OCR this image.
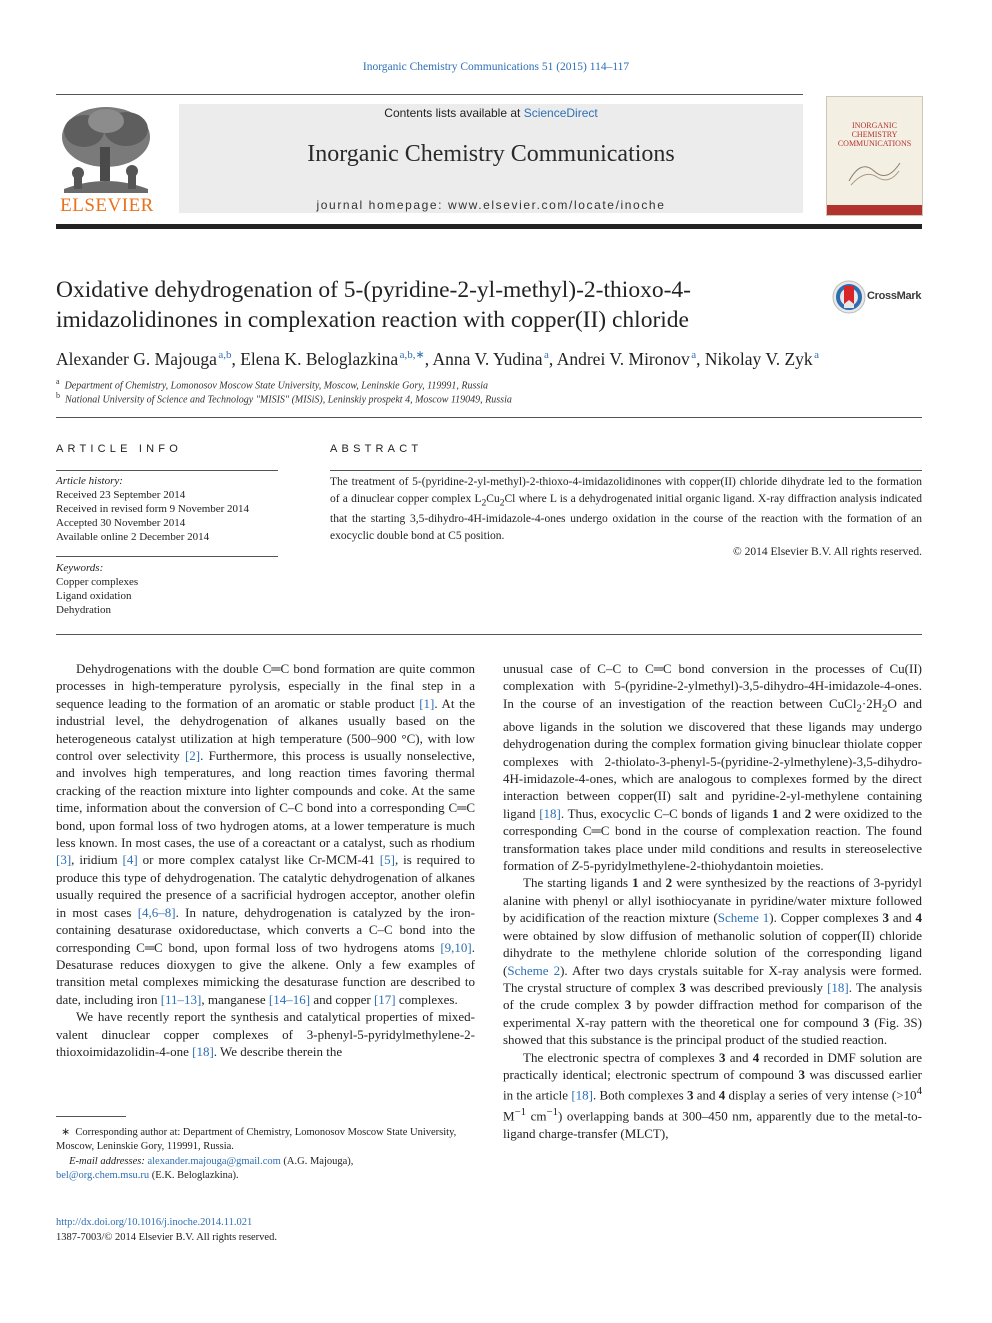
Inorganic Chemistry Communications 51 (2015) 114–117
ELSEVIER
Contents lists available at ScienceDirect
Inorganic Chemistry Communications
journal homepage: www.elsevier.com/locate/inoche
INORGANIC CHEMISTRY COMMUNICATIONS
Oxidative dehydrogenation of 5-(pyridine-2-yl-methyl)-2-thioxo-4-imidazolidinones in complexation reaction with copper(II) chloride
CrossMark
Alexander G. Majouga $^{a,b}$, Elena K. Beloglazkina $^{a,b,∗}$, Anna V. Yudina $^a$, Andrei V. Mironov $^a$, Nikolay V. Zyk $^a$
$^a$ Department of Chemistry, Lomonosov Moscow State University, Moscow, Leninskie Gory, 119991, Russia
$^b$ National University of Science and Technology "MISIS" (MISiS), Leninskiy prospekt 4, Moscow 119049, Russia
ARTICLE INFO
Article history:
Received 23 September 2014
Received in revised form 9 November 2014
Accepted 30 November 2014
Available online 2 December 2014
Keywords:
Copper complexes
Ligand oxidation
Dehydration
ABSTRACT
The treatment of 5-(pyridine-2-yl-methyl)-2-thioxo-4-imidazolidinones with copper(II) chloride dihydrate led to the formation of a dinuclear copper complex $L_2Cu_2Cl$ where L is a dehydrogenated initial organic ligand. X-ray diffraction analysis indicated that the starting 3,5-dihydro-4H-imidazole-4-ones undergo oxidation in the course of the reaction with the formation of an exocyclic double bond at C5 position.
© 2014 Elsevier B.V. All rights reserved.

Dehydrogenations with the double C═C bond formation are quite common processes in high-temperature pyrolysis, especially in the final step in a sequence leading to the formation of an aromatic or stable product [1]. At the industrial level, the dehydrogenation of alkanes usually based on the heterogeneous catalyst utilization at high temperature (500–900 °C), with low control over selectivity [2]. Furthermore, this process is usually nonselective, and involves high temperatures, and long reaction times favoring thermal cracking of the reaction mixture into lighter compounds and coke. At the same time, information about the conversion of C–C bond into a corresponding C═C bond, upon formal loss of two hydrogen atoms, at a lower temperature is much less known. In most cases, the use of a coreactant or a catalyst, such as rhodium [3], iridium [4] or more complex catalyst like Cr-MCM-41 [5], is required to produce this type of dehydrogenation. The catalytic dehydrogenation of alkanes usually required the presence of a sacrificial hydrogen acceptor, another olefin in most cases [4,6–8]. In nature, dehydrogenation is catalyzed by the iron-containing desaturase oxidoreductase, which converts a C–C bond into the corresponding C═C bond, upon formal loss of two hydrogens atoms [9,10]. Desaturase reduces dioxygen to give the alkene. Only a few examples of transition metal complexes mimicking the desaturase function are described to date, including iron [11–13], manganese [14–16] and copper [17] complexes.

We have recently report the synthesis and catalytical properties of mixed-valent dinuclear copper complexes of 3-phenyl-5-pyridylmethylene-2-thioxoimidazolidin-4-one [18]. We describe therein the

∗  Corresponding author at: Department of Chemistry, Lomonosov Moscow State University, Moscow, Leninskie Gory, 119991, Russia.
E-mail addresses: alexander.majouga@gmail.com (A.G. Majouga),
bel@org.chem.msu.ru (E.K. Beloglazkina).
http://dx.doi.org/10.1016/j.inoche.2014.11.021
1387-7003/© 2014 Elsevier B.V. All rights reserved.

unusual case of C–C to C═C bond conversion in the processes of Cu(II) complexation with 5-(pyridine-2-ylmethyl)-3,5-dihydro-4H-imidazole-4-ones. In the course of an investigation of the reaction between $CuCl_2\cdot 2H_2O$ and above ligands in the solution we discovered that these ligands may undergo dehydrogenation during the complex formation giving binuclear thiolate copper complexes with 2-thiolato-3-phenyl-5-(pyridine-2-ylmethylene)-3,5-dihydro-4H-imidazole-4-ones, which are analogous to complexes formed by the direct interaction between copper(II) salt and pyridine-2-yl-methylene containing ligand [18]. Thus, exocyclic C–C bonds of ligands 1 and 2 were oxidized to the corresponding C═C bond in the course of complexation reaction. The found transformation takes place under mild conditions and results in stereoselective formation of Z-5-pyridylmethylene-2-thiohydantoin moieties.

The starting ligands 1 and 2 were synthesized by the reactions of 3-pyridyl alanine with phenyl or allyl isothiocyanate in pyridine/water mixture followed by acidification of the reaction mixture (Scheme 1). Copper complexes 3 and 4 were obtained by slow diffusion of methanolic solution of copper(II) chloride dihydrate to the methylene chloride solution of the corresponding ligand (Scheme 2). After two days crystals suitable for X-ray analysis were formed. The crystal structure of complex 3 was described previously [18]. The analysis of the crude complex 3 by powder diffraction method for comparison of the experimental X-ray pattern with the theoretical one for compound 3 (Fig. 3S) showed that this substance is the principal product of the studied reaction.

The electronic spectra of complexes 3 and 4 recorded in DMF solution are practically identical; electronic spectrum of compound 3 was discussed earlier in the article [18]. Both complexes 3 and 4 display a series of very intense ($>10^4$ $M^{-1}$ $cm^{-1}$) overlapping bands at 300–450 nm, apparently due to the metal-to-ligand charge-transfer (MLCT),
